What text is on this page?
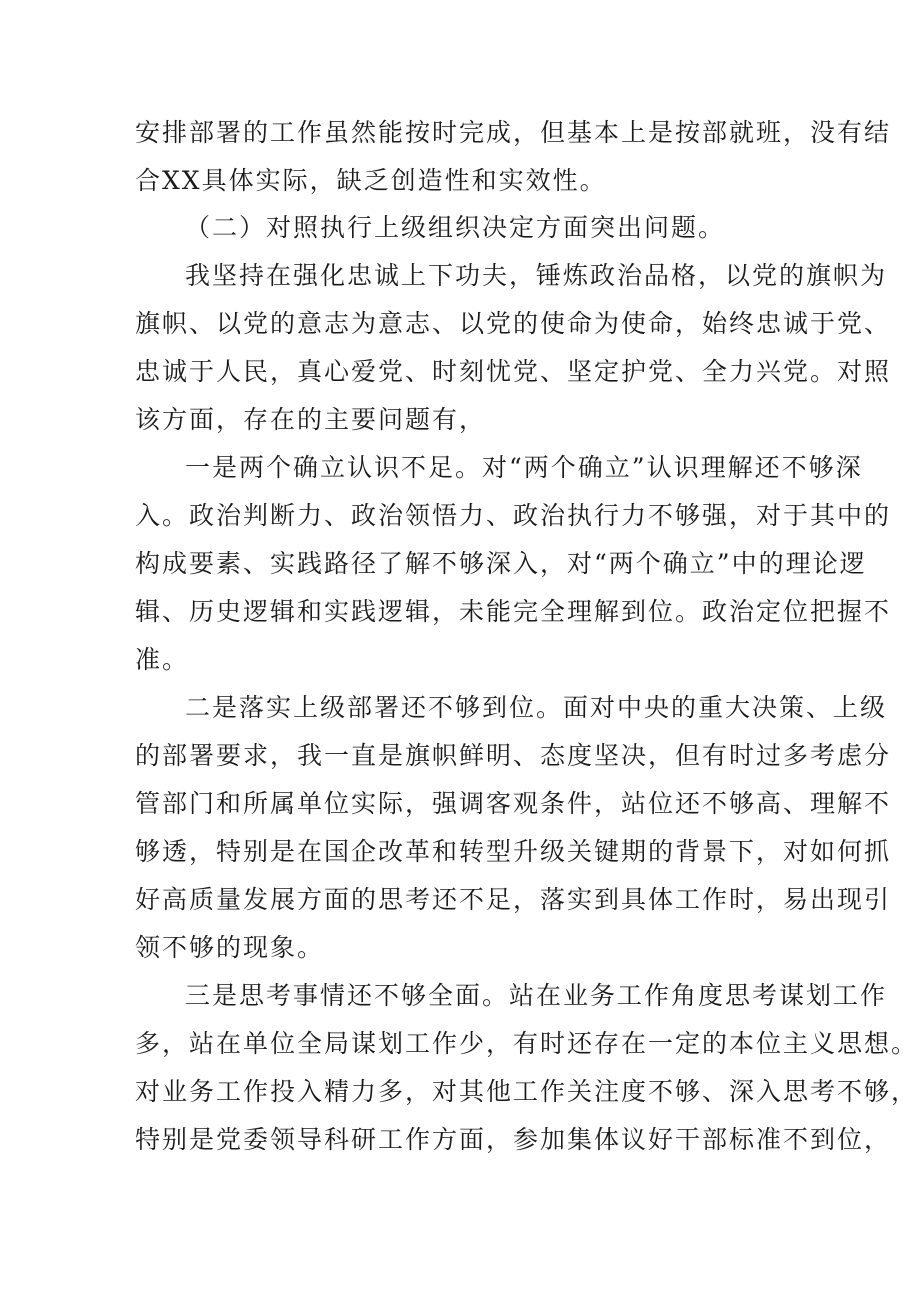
安排部署的工作虽然能按时完成，但基本上是按部就班，没有结
合XX具体实际，缺乏创造性和实效性。
（二）对照执行上级组织决定方面突出问题。
我坚持在强化忠诚上下功夫，锤炼政治品格，以党的旗帜为
旗帜、以党的意志为意志、以党的使命为使命，始终忠诚于党、
忠诚于人民，真心爱党、时刻忧党、坚定护党、全力兴党。对照
该方面，存在的主要问题有，
一是两个确立认识不足。对“两个确立”认识理解还不够深
入。政治判断力、政治领悟力、政治执行力不够强，对于其中的
构成要素、实践路径了解不够深入，对“两个确立”中的理论逻
辑、历史逻辑和实践逻辑，未能完全理解到位。政治定位把握不
准。
二是落实上级部署还不够到位。面对中央的重大决策、上级
的部署要求，我一直是旗帜鲜明、态度坚决，但有时过多考虑分
管部门和所属单位实际，强调客观条件，站位还不够高、理解不
够透，特别是在国企改革和转型升级关键期的背景下，对如何抓
好高质量发展方面的思考还不足，落实到具体工作时，易出现引
领不够的现象。
三是思考事情还不够全面。站在业务工作角度思考谋划工作
多，站在单位全局谋划工作少，有时还存在一定的本位主义思想。
对业务工作投入精力多，对其他工作关注度不够、深入思考不够，
特别是党委领导科研工作方面，参加集体议好干部标准不到位，
